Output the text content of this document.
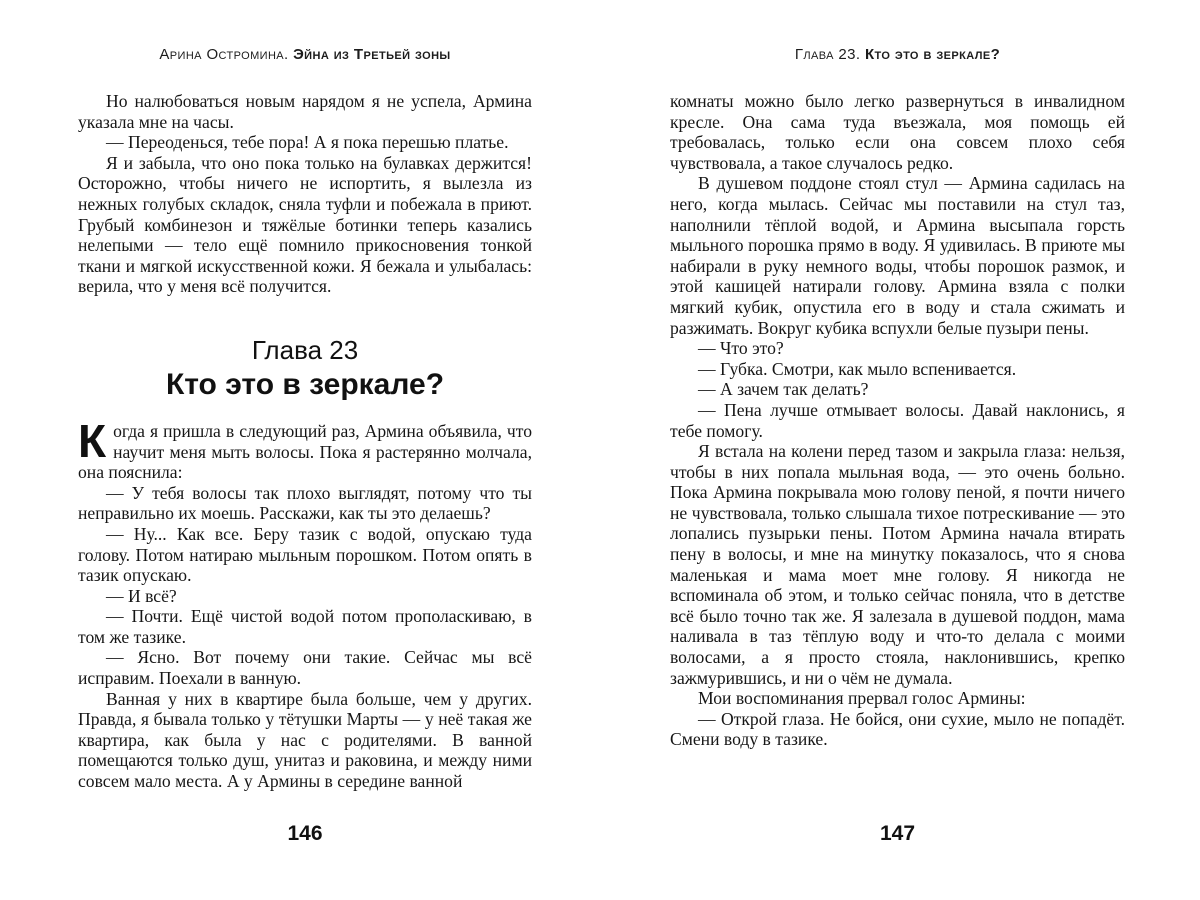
Арина Остромина. Эйна из Третьей зоны

Но налюбоваться новым нарядом я не успела, Армина указала мне на часы.

— Переоденься, тебе пора! А я пока перешью платье.

Я и забыла, что оно пока только на булавках держится! Осторожно, чтобы ничего не испортить, я вылезла из нежных голубых складок, сняла туфли и побежала в приют. Грубый комбинезон и тяжёлые ботинки теперь казались нелепыми — тело ещё помнило прикосновения тонкой ткани и мягкой искусственной кожи. Я бежала и улыбалась: верила, что у меня всё получится.

Глава 23
Кто это в зеркале?

Когда я пришла в следующий раз, Армина объявила, что научит меня мыть волосы. Пока я растерянно молчала, она пояснила:

— У тебя волосы так плохо выглядят, потому что ты неправильно их моешь. Расскажи, как ты это делаешь?

— Ну... Как все. Беру тазик с водой, опускаю туда голову. Потом натираю мыльным порошком. Потом опять в тазик опускаю.

— И всё?

— Почти. Ещё чистой водой потом прополаскиваю, в том же тазике.

— Ясно. Вот почему они такие. Сейчас мы всё исправим. Поехали в ванную.

Ванная у них в квартире была больше, чем у других. Правда, я бывала только у тётушки Марты — у неё такая же квартира, как была у нас с родителями. В ванной помещаются только душ, унитаз и раковина, и между ними совсем мало места. А у Армины в середине ванной

146
Глава 23. Кто это в зеркале?

комнаты можно было легко развернуться в инвалидном кресле. Она сама туда въезжала, моя помощь ей требовалась, только если она совсем плохо себя чувствовала, а такое случалось редко.

В душевом поддоне стоял стул — Армина садилась на него, когда мылась. Сейчас мы поставили на стул таз, наполнили тёплой водой, и Армина высыпала горсть мыльного порошка прямо в воду. Я удивилась. В приюте мы набирали в руку немного воды, чтобы порошок размок, и этой кашицей натирали голову. Армина взяла с полки мягкий кубик, опустила его в воду и стала сжимать и разжимать. Вокруг кубика вспухли белые пузыри пены.

— Что это?

— Губка. Смотри, как мыло вспенивается.

— А зачем так делать?

— Пена лучше отмывает волосы. Давай наклонись, я тебе помогу.

Я встала на колени перед тазом и закрыла глаза: нельзя, чтобы в них попала мыльная вода, — это очень больно. Пока Армина покрывала мою голову пеной, я почти ничего не чувствовала, только слышала тихое потрескивание — это лопались пузырьки пены. Потом Армина начала втирать пену в волосы, и мне на минутку показалось, что я снова маленькая и мама моет мне голову. Я никогда не вспоминала об этом, и только сейчас поняла, что в детстве всё было точно так же. Я залезала в душевой поддон, мама наливала в таз тёплую воду и что-то делала с моими волосами, а я просто стояла, наклонившись, крепко зажмурившись, и ни о чём не думала.

Мои воспоминания прервал голос Армины:

— Открой глаза. Не бойся, они сухие, мыло не попадёт. Смени воду в тазике.

147
